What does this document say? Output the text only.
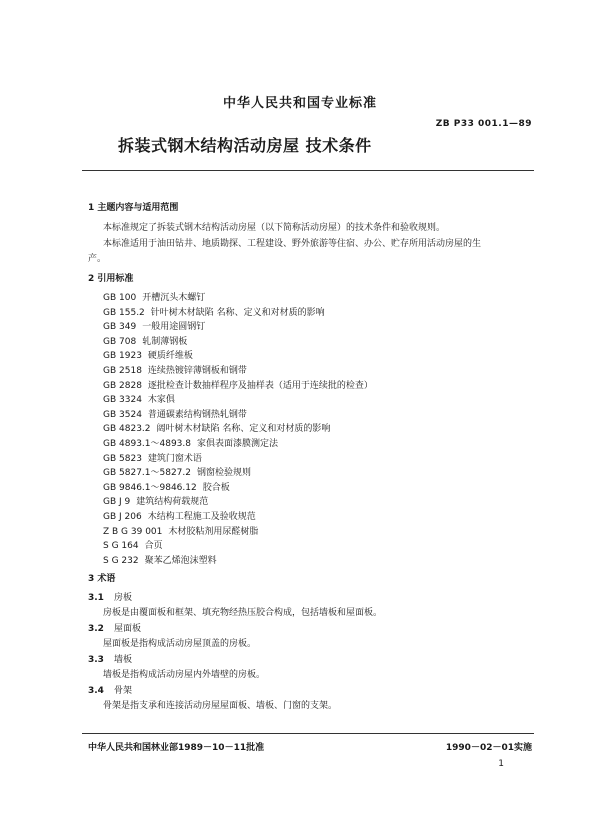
中华人民共和国专业标准
ZB P33 001.1—89
拆装式钢木结构活动房屋 技术条件
1 主题内容与适用范围
本标准规定了拆装式钢木结构活动房屋（以下简称活动房屋）的技术条件和验收规则。
本标准适用于油田钻井、地质勘探、工程建设、野外旅游等住宿、办公、贮存所用活动房屋的生
产。
2 引用标准
GB 100 开槽沉头木螺钉
GB 155.2 针叶树木材缺陷 名称、定义和对材质的影响
GB 349 一般用途圆钢钉
GB 708 轧制薄钢板
GB 1923 硬质纤维板
GB 2518 连续热镀锌薄钢板和钢带
GB 2828 逐批检查计数抽样程序及抽样表（适用于连续批的检查）
GB 3324 木家俱
GB 3524 普通碳素结构钢热轧钢带
GB 4823.2 阔叶树木材缺陷 名称、定义和对材质的影响
GB 4893.1～4893.8 家俱表面漆膜测定法
GB 5823 建筑门窗术语
GB 5827.1～5827.2 钢窗检验规则
GB 9846.1～9846.12 胶合板
GB J 9 建筑结构荷载规范
GB J 206 木结构工程施工及验收规范
Z B G 39 001 木材胶粘剂用尿醛树脂
S G 164 合页
S G 232 聚苯乙烯泡沫塑料
3 术语
3.1 房板
房板是由覆面板和框架、填充物经热压胶合构成，包括墙板和屋面板。
3.2 屋面板
屋面板是指构成活动房屋顶盖的房板。
3.3 墙板
墙板是指构成活动房屋内外墙壁的房板。
3.4 骨架
骨架是指支承和连接活动房屋屋面板、墙板、门窗的支架。
中华人民共和国林业部1989－10－11批准	1990－02－01实施
1
